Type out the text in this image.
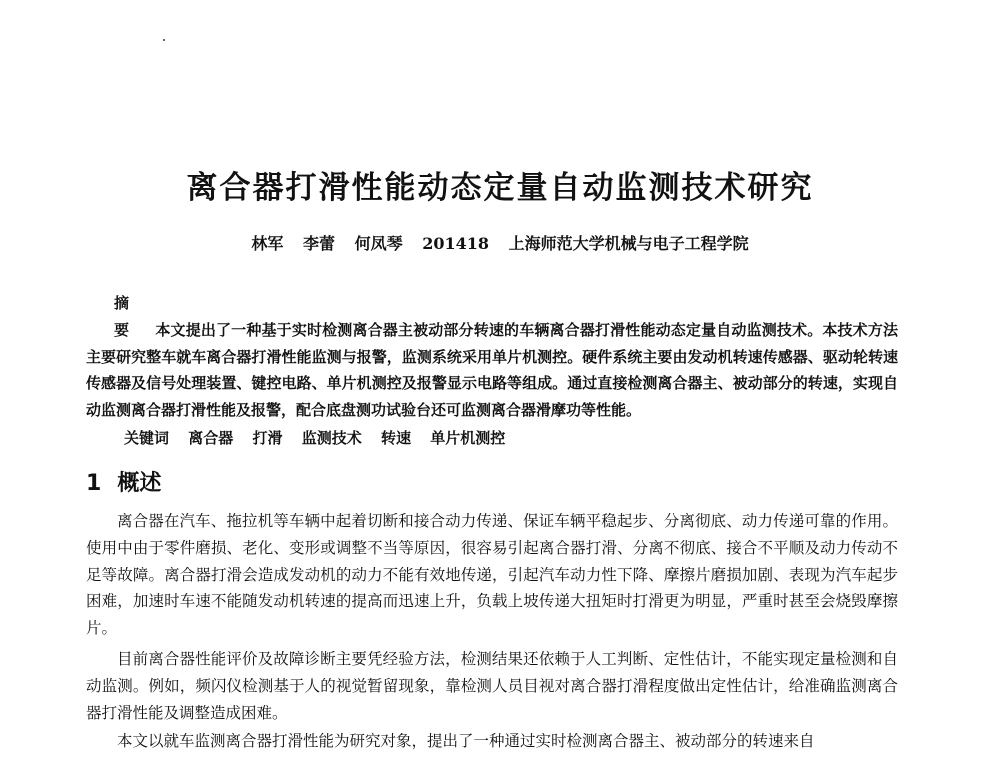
离合器打滑性能动态定量自动监测技术研究
林军 李蕾 何凤琴 201418 上海师范大学机械与电子工程学院

摘 要 本文提出了一种基于实时检测离合器主被动部分转速的车辆离合器打滑性能动态定量自动监测技术。本技术方法主要研究整车就车离合器打滑性能监测与报警，监测系统采用单片机测控。硬件系统主要由发动机转速传感器、驱动轮转速传感器及信号处理装置、键控电路、单片机测控及报警显示电路等组成。通过直接检测离合器主、被动部分的转速，实现自动监测离合器打滑性能及报警，配合底盘测功试验台还可监测离合器滑摩功等性能。

关键词 离合器 打滑 监测技术 转速 单片机测控

1 概述

离合器在汽车、拖拉机等车辆中起着切断和接合动力传递、保证车辆平稳起步、分离彻底、动力传递可靠的作用。使用中由于零件磨损、老化、变形或调整不当等原因，很容易引起离合器打滑、分离不彻底、接合不平顺及动力传动不足等故障。离合器打滑会造成发动机的动力不能有效地传递，引起汽车动力性下降、摩擦片磨损加剧、表现为汽车起步困难，加速时车速不能随发动机转速的提高而迅速上升，负载上坡传递大扭矩时打滑更为明显，严重时甚至会烧毁摩擦片。

目前离合器性能评价及故障诊断主要凭经验方法，检测结果还依赖于人工判断、定性估计，不能实现定量检测和自动监测。例如，频闪仪检测基于人的视觉暂留现象，靠检测人员目视对离合器打滑程度做出定性估计，给准确监测离合器打滑性能及调整造成困难。

本文以就车监测离合器打滑性能为研究对象，提出了一种通过实时检测离合器主、被动部分的转速来自
